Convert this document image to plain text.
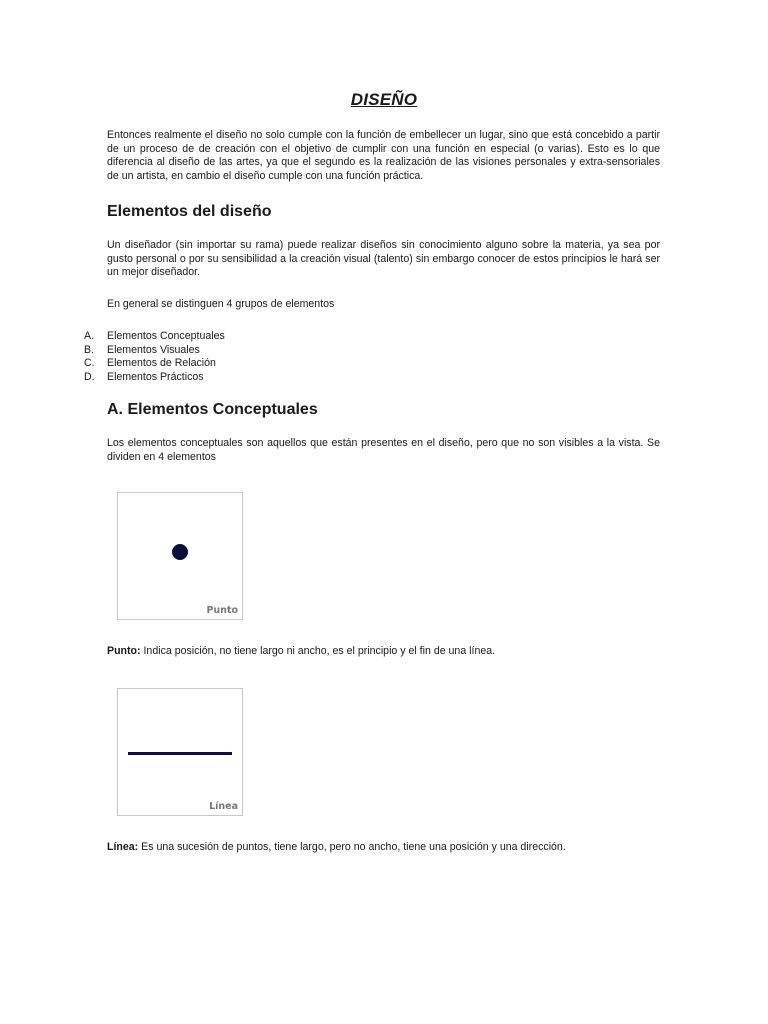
DISEÑO

Entonces realmente el diseño no solo cumple con la función de embellecer un lugar, sino que está concebido a partir de un proceso de de creación con el objetivo de cumplir con una función en especial (o varias). Esto es lo que diferencia al diseño de las artes, ya que el segundo es la realización de las visiones personales y extra-sensoriales de un artista, en cambio el diseño cumple con una función práctica.

Elementos del diseño

Un diseñador (sin importar su rama) puede realizar diseños sin conocimiento alguno sobre la materia, ya sea por gusto personal o por su sensibilidad a la creación visual (talento) sin embargo conocer de estos principios le hará ser un mejor diseñador.

En general se distinguen 4 grupos de elementos

A.	Elementos Conceptuales
B.	Elementos Visuales
C.	Elementos de Relación
D.	Elementos Prácticos
A. Elementos Conceptuales

Los elementos conceptuales son aquellos que están presentes en el diseño, pero que no son visibles a la vista. Se dividen en 4 elementos

Punto

Punto: Indica posición, no tiene largo ni ancho, es el principio y el fin de una línea.

Línea

Línea: Es una sucesión de puntos, tiene largo, pero no ancho, tiene una posición y una dirección.
